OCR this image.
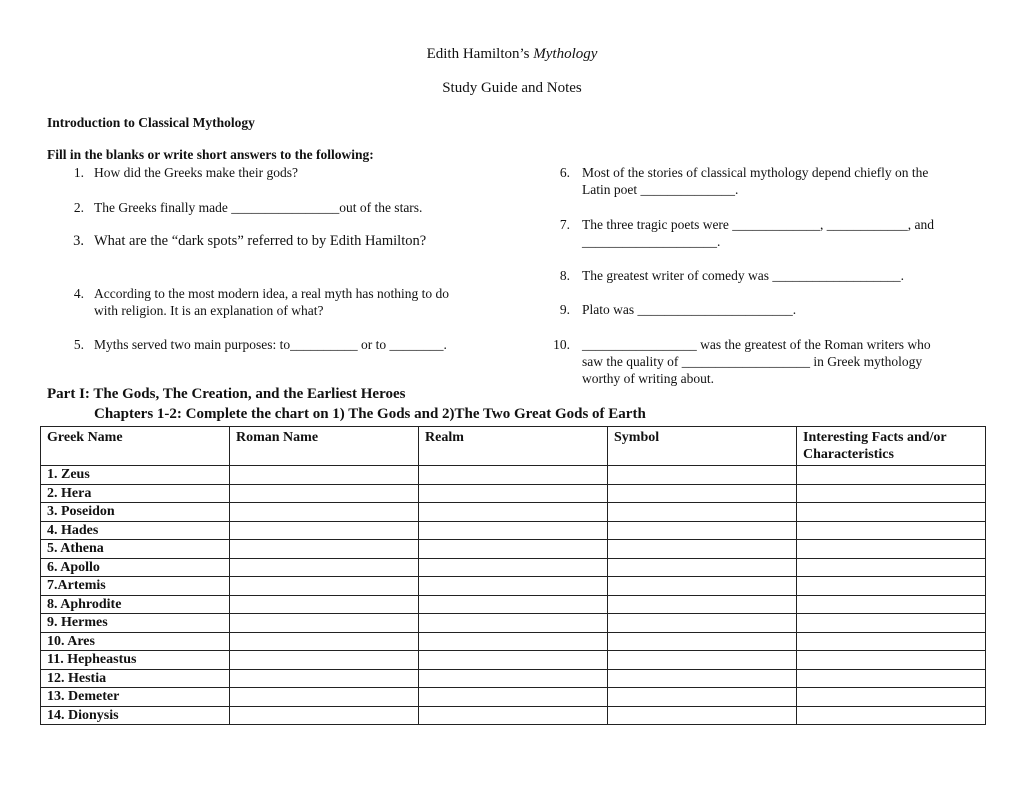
Edith Hamilton’s Mythology
Study Guide and Notes
Introduction to Classical Mythology
Fill in the blanks or write short answers to the following:
1. How did the Greeks make their gods?
2. The Greeks finally made ________________out of the stars.
3. What are the “dark spots” referred to by Edith Hamilton?
4. According to the most modern idea, a real myth has nothing to do
with religion. It is an explanation of what?
5. Myths served two main purposes: to__________ or to ________.
6. Most of the stories of classical mythology depend chiefly on the
Latin poet ______________.
7. The three tragic poets were _____________, ____________, and
____________________.
8. The greatest writer of comedy was ___________________.
9. Plato was _______________________.
10. _________________ was the greatest of the Roman writers who
saw the quality of ___________________ in Greek mythology
worthy of writing about.
Part I: The Gods, The Creation, and the Earliest Heroes
Chapters 1-2: Complete the chart on 1) The Gods and 2)The Two Great Gods of Earth
Greek Name	Roman Name	Realm	Symbol	Interesting Facts and/or Characteristics
1. Zeus				
2. Hera				
3. Poseidon				
4. Hades				
5. Athena				
6. Apollo				
7.Artemis				
8. Aphrodite				
9. Hermes				
10. Ares				
11. Hepheastus				
12. Hestia				
13. Demeter				
14. Dionysis				
